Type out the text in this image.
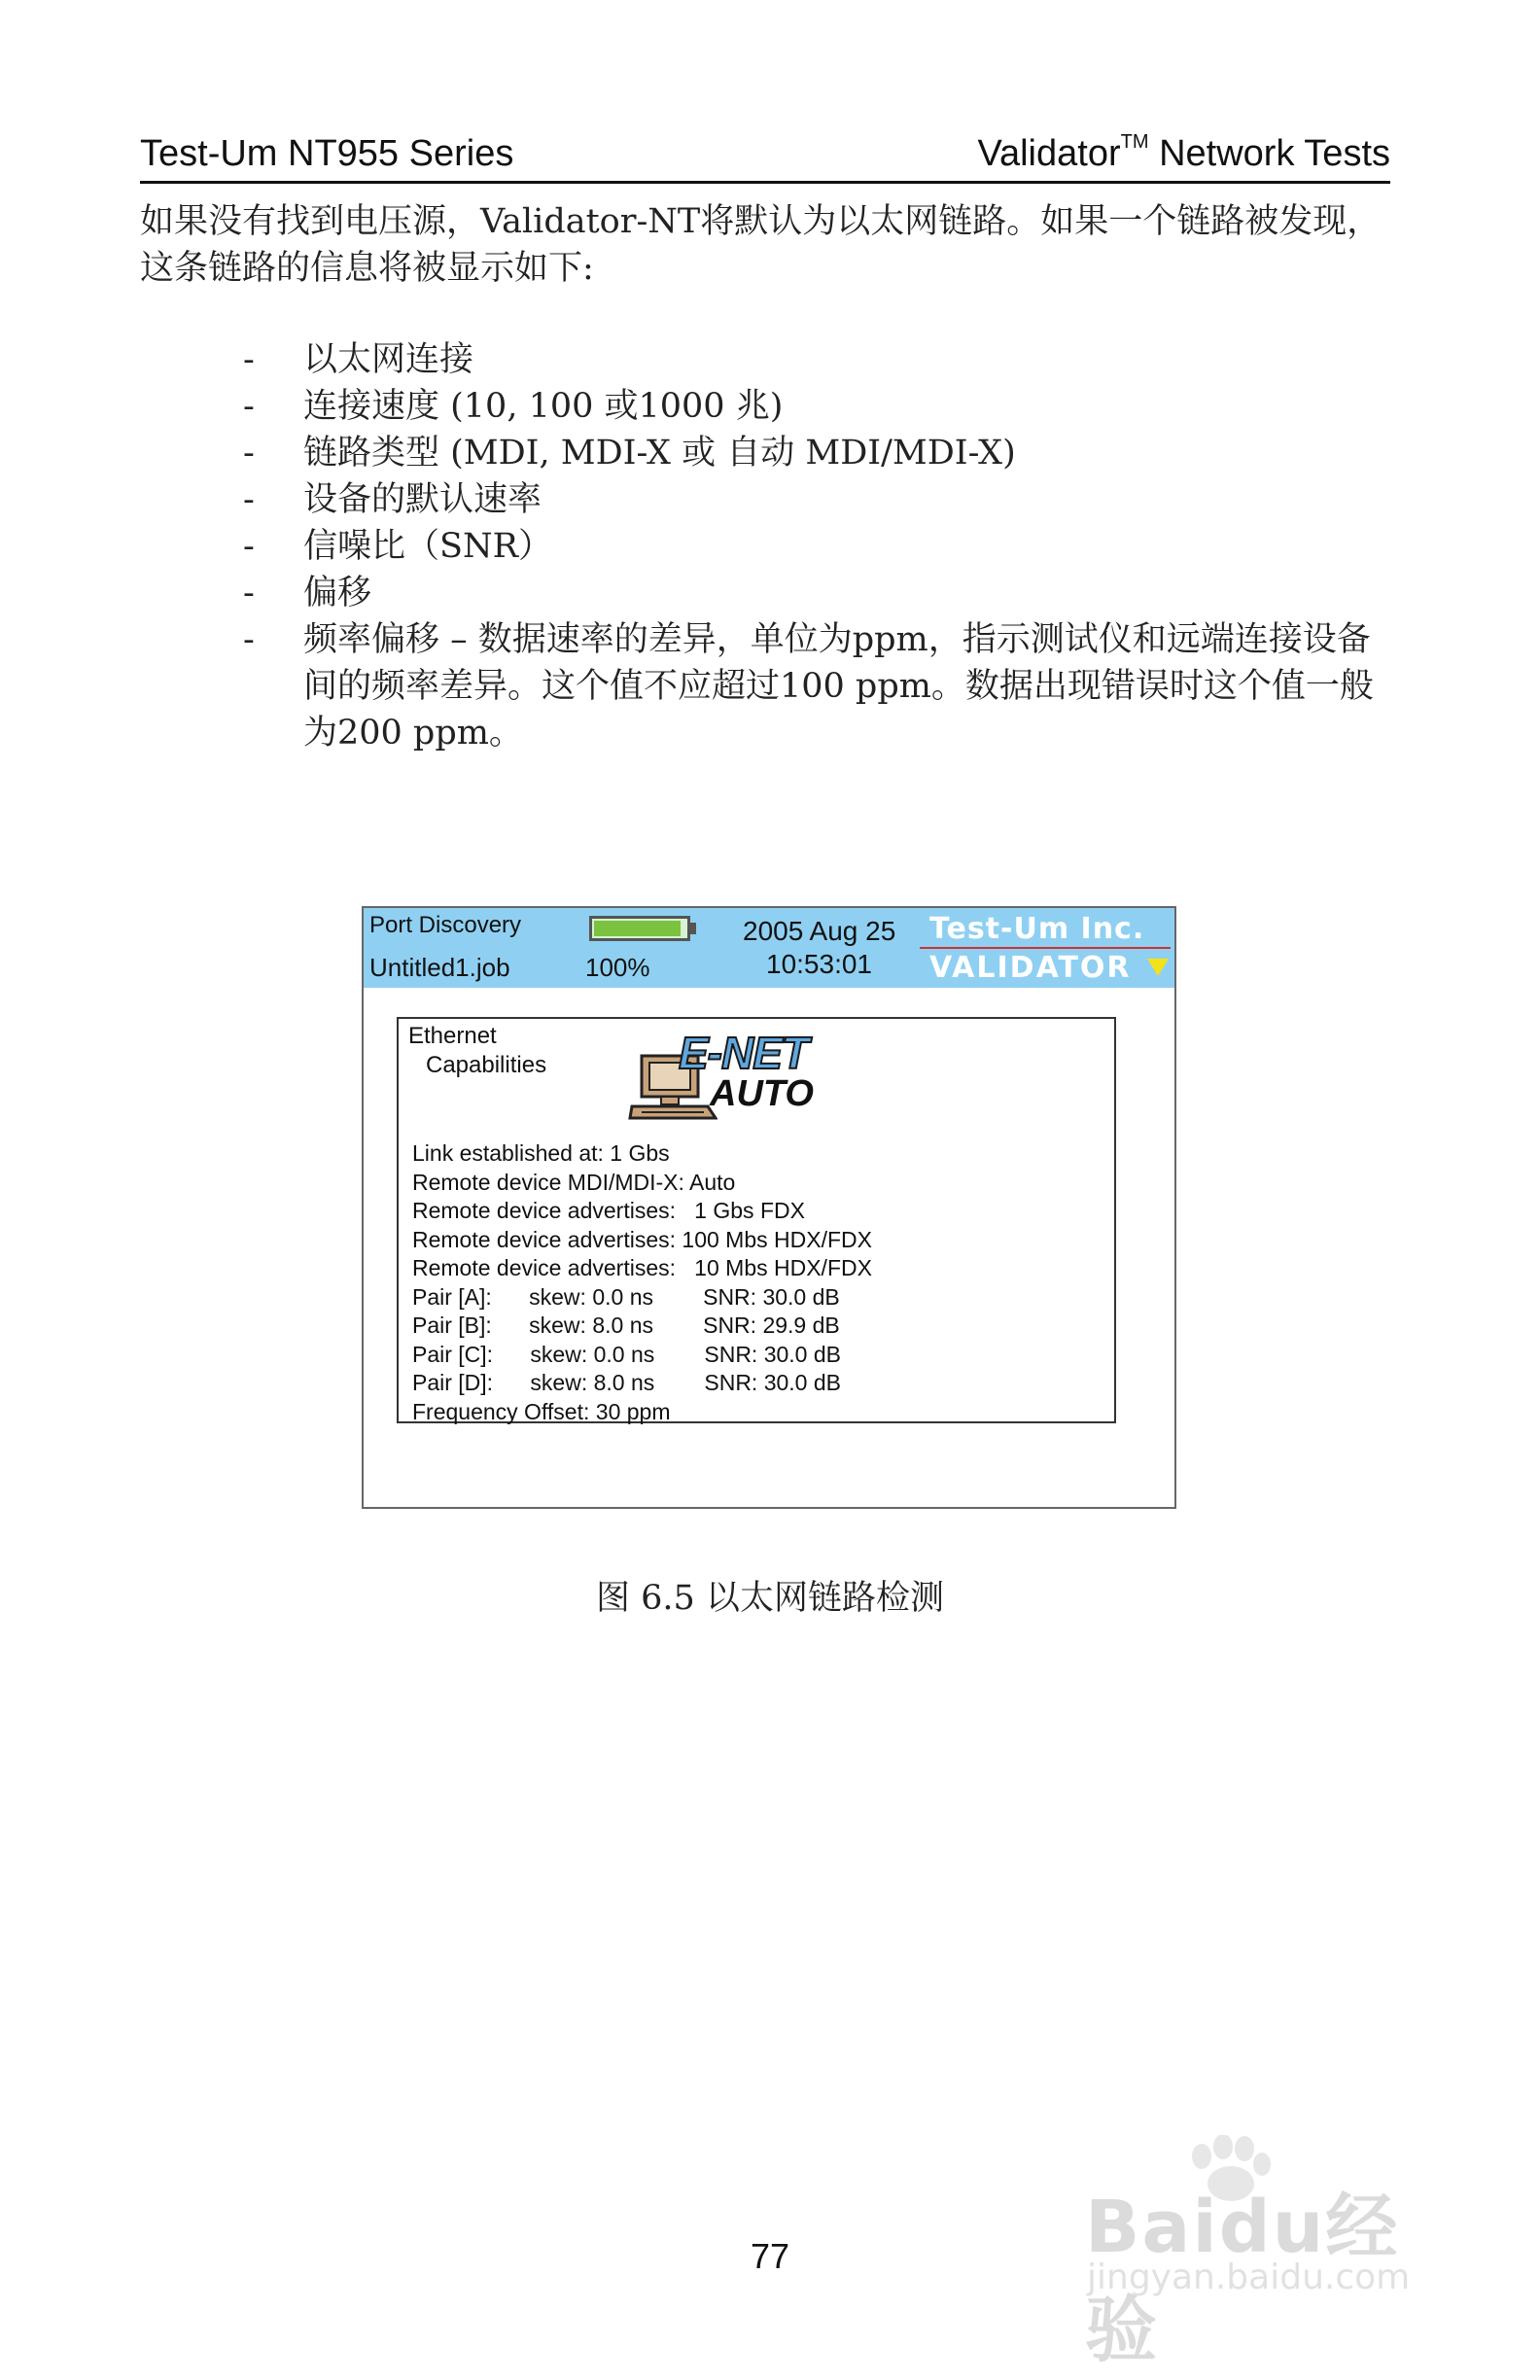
Test-Um NT955 Series	Validator™ Network Tests
如果没有找到电压源，Validator-NT将默认为以太网链路。如果一个链路被发现，这条链路的信息将被显示如下:
- 以太网连接
- 连接速度 (10, 100 或1000 兆)
- 链路类型 (MDI, MDI-X 或 自动 MDI/MDI-X)
- 设备的默认速率
- 信噪比（SNR）
- 偏移
- 频率偏移 – 数据速率的差异，单位为ppm，指示测试仪和远端连接设备间的频率差异。这个值不应超过100 ppm。数据出现错误时这个值一般为200 ppm。
Port Discovery
Untitled1.job	100%
2005 Aug 25
10:53:01
Test-Um Inc.
VALIDATOR
Ethernet
Capabilities	E-NET
AUTO
Link established at: 1 Gbs
Remote device MDI/MDI-X: Auto
Remote device advertises:   1 Gbs FDX
Remote device advertises: 100 Mbs HDX/FDX
Remote device advertises:   10 Mbs HDX/FDX
Pair [A]:      skew: 0.0 ns        SNR: 30.0 dB
Pair [B]:      skew: 8.0 ns        SNR: 29.9 dB
Pair [C]:      skew: 0.0 ns        SNR: 30.0 dB
Pair [D]:      skew: 8.0 ns        SNR: 30.0 dB
Frequency Offset: 30 ppm
图 6.5 以太网链路检测
77	Baidu经验
jingyan.baidu.com
